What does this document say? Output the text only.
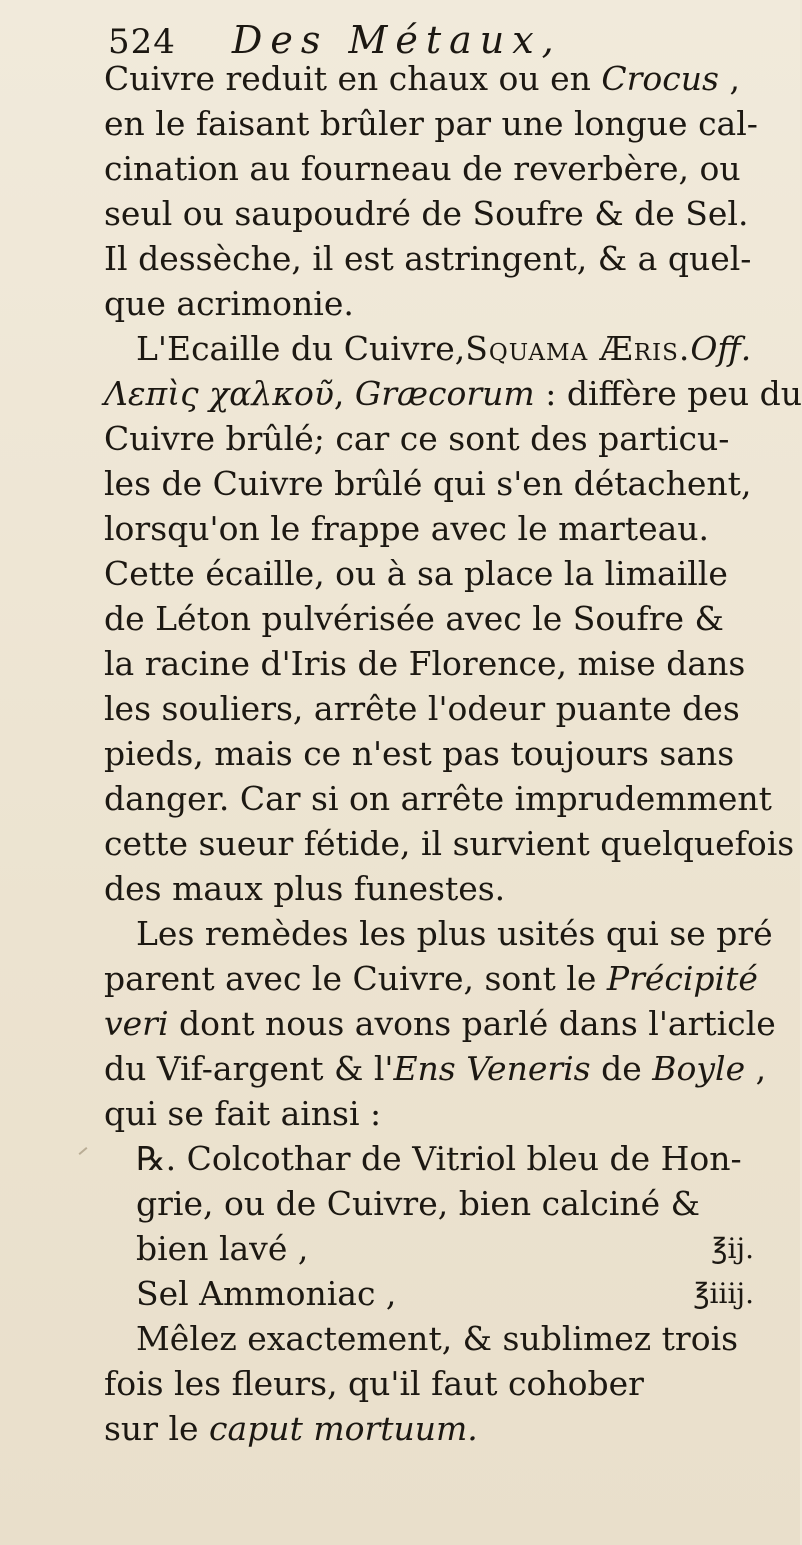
524 Des Métaux,
Cuivre reduit en chaux ou en Crocus ,
en le faisant brûler par une longue cal-
cination au fourneau de reverbère, ou
seul ou saupoudré de Soufre & de Sel.
Il dessèche, il est astringent, & a quel-
que acrimonie.
L'Ecaille du Cuivre,Squama Æris.Off.
Λεπὶς χαλκοῦ, Græcorum : diffère peu du
Cuivre brûlé; car ce sont des particu-
les de Cuivre brûlé qui s'en détachent,
lorsqu'on le frappe avec le marteau.
Cette écaille, ou à sa place la limaille
de Léton pulvérisée avec le Soufre &
la racine d'Iris de Florence, mise dans
les souliers, arrête l'odeur puante des
pieds, mais ce n'est pas toujours sans
danger. Car si on arrête imprudemment
cette sueur fétide, il survient quelquefois
des maux plus funestes.
Les remèdes les plus usités qui se pré
parent avec le Cuivre, sont le Précipité
veri dont nous avons parlé dans l'article
du Vif-argent & l'Ens Veneris de Boyle ,
qui se fait ainsi :
℞. Colcothar de Vitriol bleu de Hon-
grie, ou de Cuivre, bien calciné &
bien lavé ,	℥ij.
Sel Ammoniac ,	℥iiij.
Mêlez exactement, & sublimez trois
fois les fleurs, qu'il faut cohober
sur le caput mortuum.
